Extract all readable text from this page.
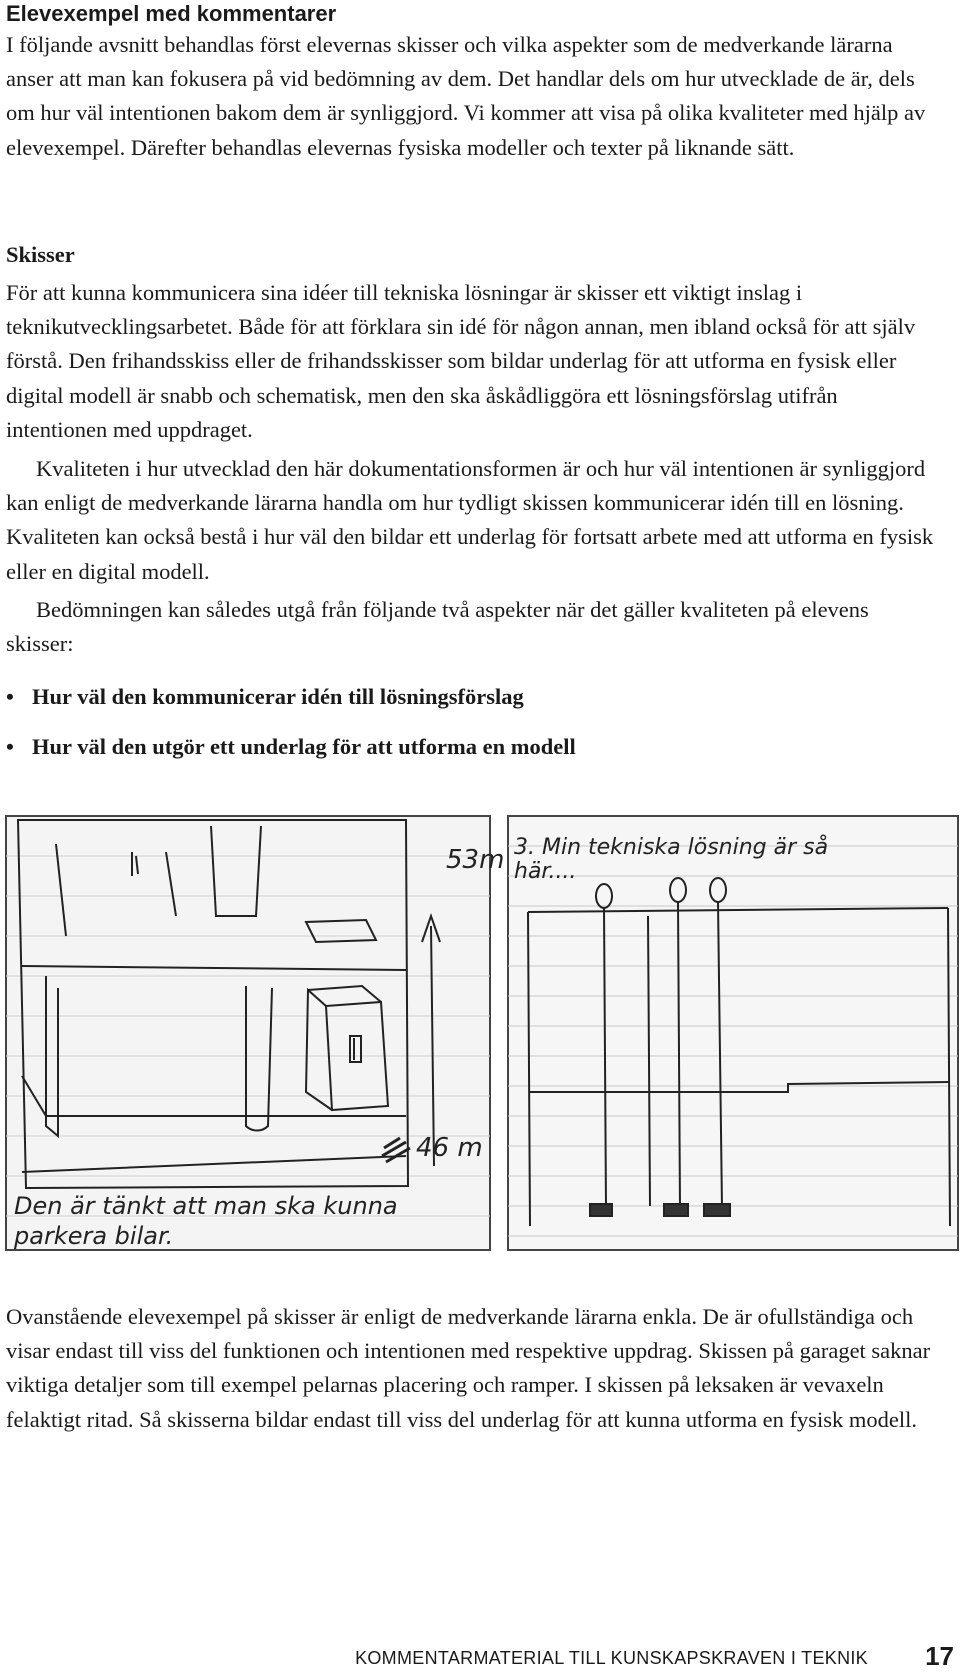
Elevexempel med kommentarer

I följande avsnitt behandlas först elevernas skisser och vilka aspekter som de medverkande lärarna anser att man kan fokusera på vid bedömning av dem. Det handlar dels om hur utvecklade de är, dels om hur väl intentionen bakom dem är synliggjord. Vi kommer att visa på olika kvaliteter med hjälp av elevexempel. Därefter behandlas elevernas fysiska modeller och texter på liknande sätt.

Skisser

För att kunna kommunicera sina idéer till tekniska lösningar är skisser ett viktigt inslag i teknikutvecklingsarbetet. Både för att förklara sin idé för någon annan, men ibland också för att själv förstå. Den frihandsskiss eller de frihandsskisser som bildar underlag för att utforma en fysisk eller digital modell är snabb och schematisk, men den ska åskådliggöra ett lösningsförslag utifrån intentionen med uppdraget.

Kvaliteten i hur utvecklad den här dokumentationsformen är och hur väl intentionen är synliggjord kan enligt de medverkande lärarna handla om hur tydligt skissen kommunicerar idén till en lösning. Kvaliteten kan också bestå i hur väl den bildar ett underlag för fortsatt arbete med att utforma en fysisk eller en digital modell.

Bedömningen kan således utgå från följande två aspekter när det gäller kvaliteten på elevens skisser:

• Hur väl den kommunicerar idén till lösningsförslag
• Hur väl den utgör ett underlag för att utforma en modell
53m
46 m
Den är tänkt att man ska kunna
parkera bilar.
3. Min tekniska lösning är så
här....

Ovanstående elevexempel på skisser är enligt de medverkande lärarna enkla. De är ofullständiga och visar endast till viss del funktionen och intentionen med respektive uppdrag. Skissen på garaget saknar viktiga detaljer som till exempel pelarnas placering och ramper. I skissen på leksaken är vevaxeln felaktigt ritad. Så skisserna bildar endast till viss del underlag för att kunna utforma en fysisk modell.

KOMMENTARMATERIAL TILL KUNSKAPSKRAVEN I TEKNIK 17
